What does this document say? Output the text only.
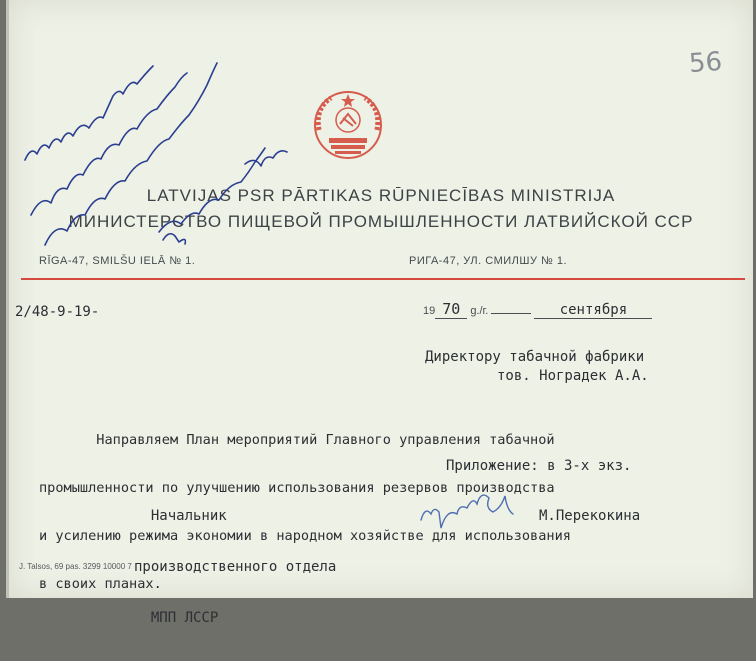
56
LATVIJAS PSR PĀRTIKAS RŪPNIECĪBAS MINISTRIJA
МИНИСТЕРСТВО ПИЩЕВОЙ ПРОМЫШЛЕННОСТИ ЛАТВИЙСКОЙ ССР
RĪGA-47, SMILŠU IELĀ № 1.	РИГА-47, УЛ. СМИЛШУ № 1.
2/48-9-19-	19 70 g./г.	сентября
Директору табачной фабрики
тов. Ноградек А.А.

Направляем План мероприятий Главного управления табачной

промышленности по улучшению использования резервов производства

и усилению режима экономии в народном хозяйстве для использования

в своих планах.

Приложение: в 3-х экз.

Начальник

производственного отдела

МПП ЛССР

М.Перекокина
J. Talsos, 69 pas. 3299 10000 7
